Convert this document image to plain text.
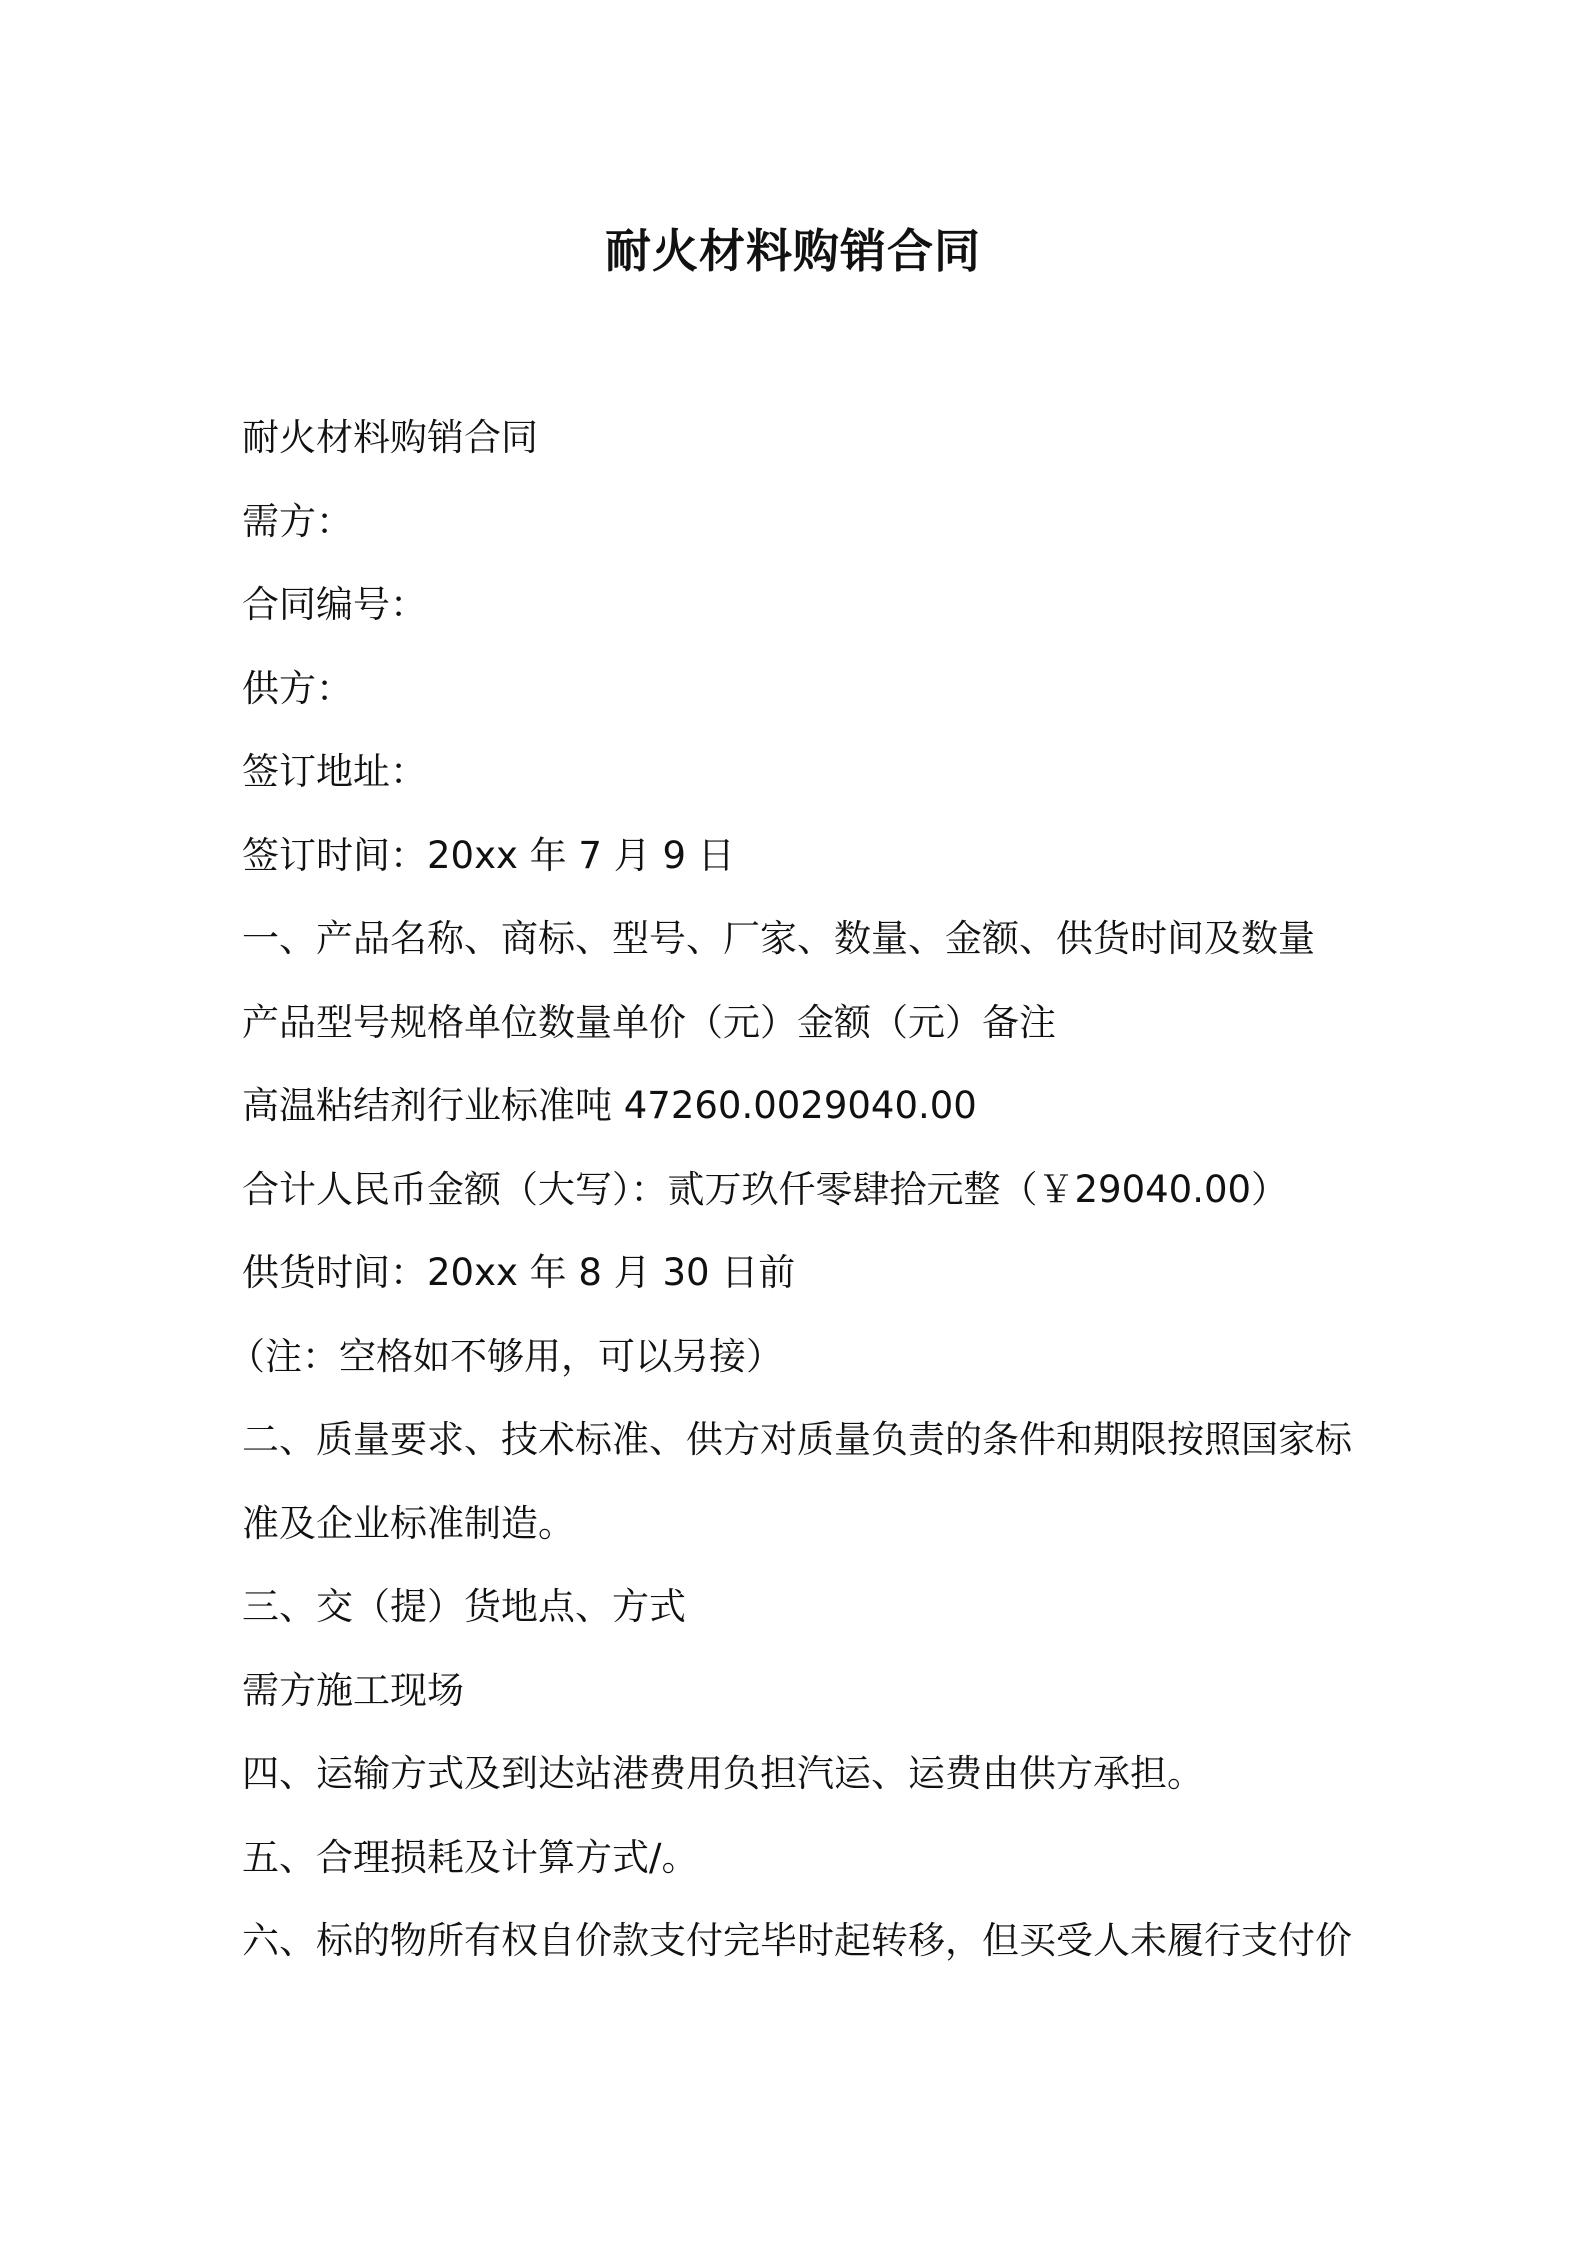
耐火材料购销合同
耐火材料购销合同
需方：
合同编号：
供方：
签订地址：
签订时间：20xx 年 7 月 9 日
一、产品名称、商标、型号、厂家、数量、金额、供货时间及数量
产品型号规格单位数量单价（元）金额（元）备注
高温粘结剂行业标准吨 47260.0029040.00
合计人民币金额（大写）：贰万玖仟零肆拾元整（￥29040.00）
供货时间：20xx 年 8 月 30 日前
（注：空格如不够用，可以另接）
二、质量要求、技术标准、供方对质量负责的条件和期限按照国家标
准及企业标准制造。
三、交（提）货地点、方式
需方施工现场
四、运输方式及到达站港费用负担汽运、运费由供方承担。
五、合理损耗及计算方式/。
六、标的物所有权自价款支付完毕时起转移，但买受人未履行支付价
